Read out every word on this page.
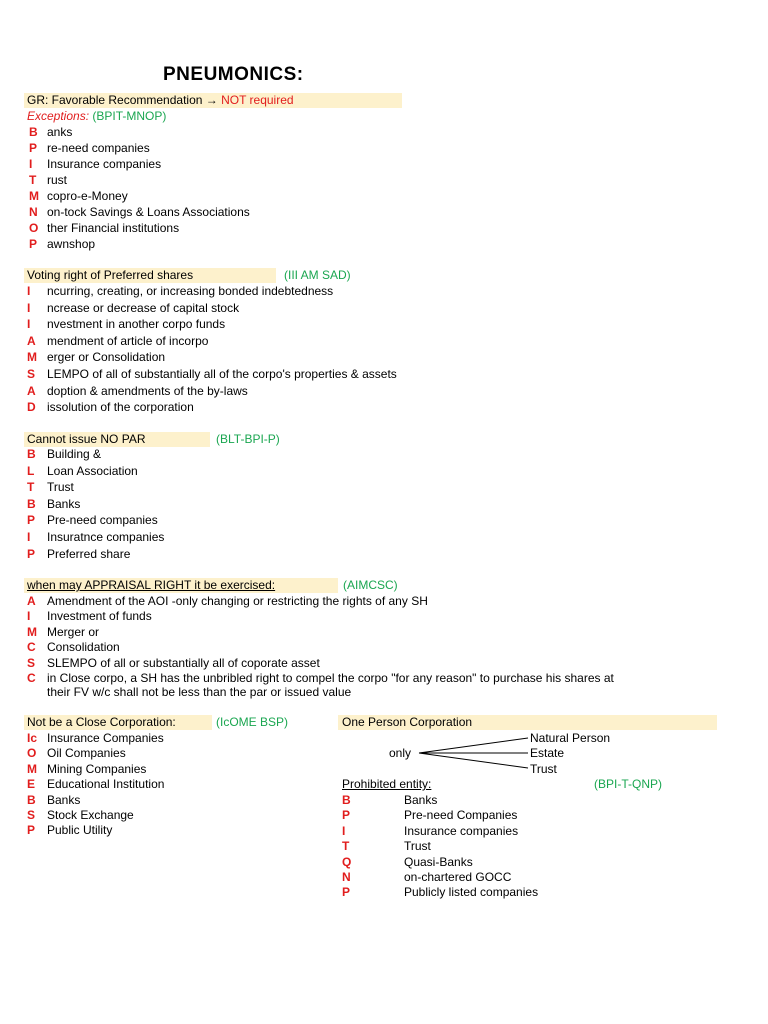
PNEUMONICS:
GR: Favorable Recommendation → NOT required
Exceptions: (BPIT-MNOP)
B anks
P re-need companies
I Insurance companies
T rust
M copro-e-Money
N on-tock Savings & Loans Associations
O ther Financial institutions
P awnshop
Voting right of Preferred shares	(III AM SAD)
I ncurring, creating, or increasing bonded indebtedness
I ncrease or decrease of capital stock
I nvestment in another corpo funds
A mendment of article of incorpo
M erger or Consolidation
S LEMPO of all of substantially all of the corpo's properties & assets
A doption & amendments of the by-laws
D issolution of the corporation
Cannot issue NO PAR	(BLT-BPI-P)
B Building &
L Loan Association
T Trust
B Banks
P Pre-need companies
I Insuratnce companies
P Preferred share
when may APPRAISAL RIGHT it be exercised:	(AIMCSC)
A Amendment of the AOI -only changing or restricting the rights of any SH
I Investment of funds
M Merger or
C Consolidation
S SLEMPO of all or substantially all of coporate asset
C in Close corpo, a SH has the unbribled right to compel the corpo "for any reason" to purchase his shares at
their FV w/c shall not be less than the par or issued value
Not be a Close Corporation:	(IcOME BSP)
Ic Insurance Companies
O Oil Companies
M Mining Companies
E Educational Institution
B Banks
S Stock Exchange
P Public Utility
One Person Corporation
only
Natural Person
Estate
Trust
Prohibited entity:	(BPI-T-QNP)
B	Banks
P	Pre-need Companies
I	Insurance companies
T	Trust
Q	Quasi-Banks
N	on-chartered GOCC
P	Publicly listed companies
